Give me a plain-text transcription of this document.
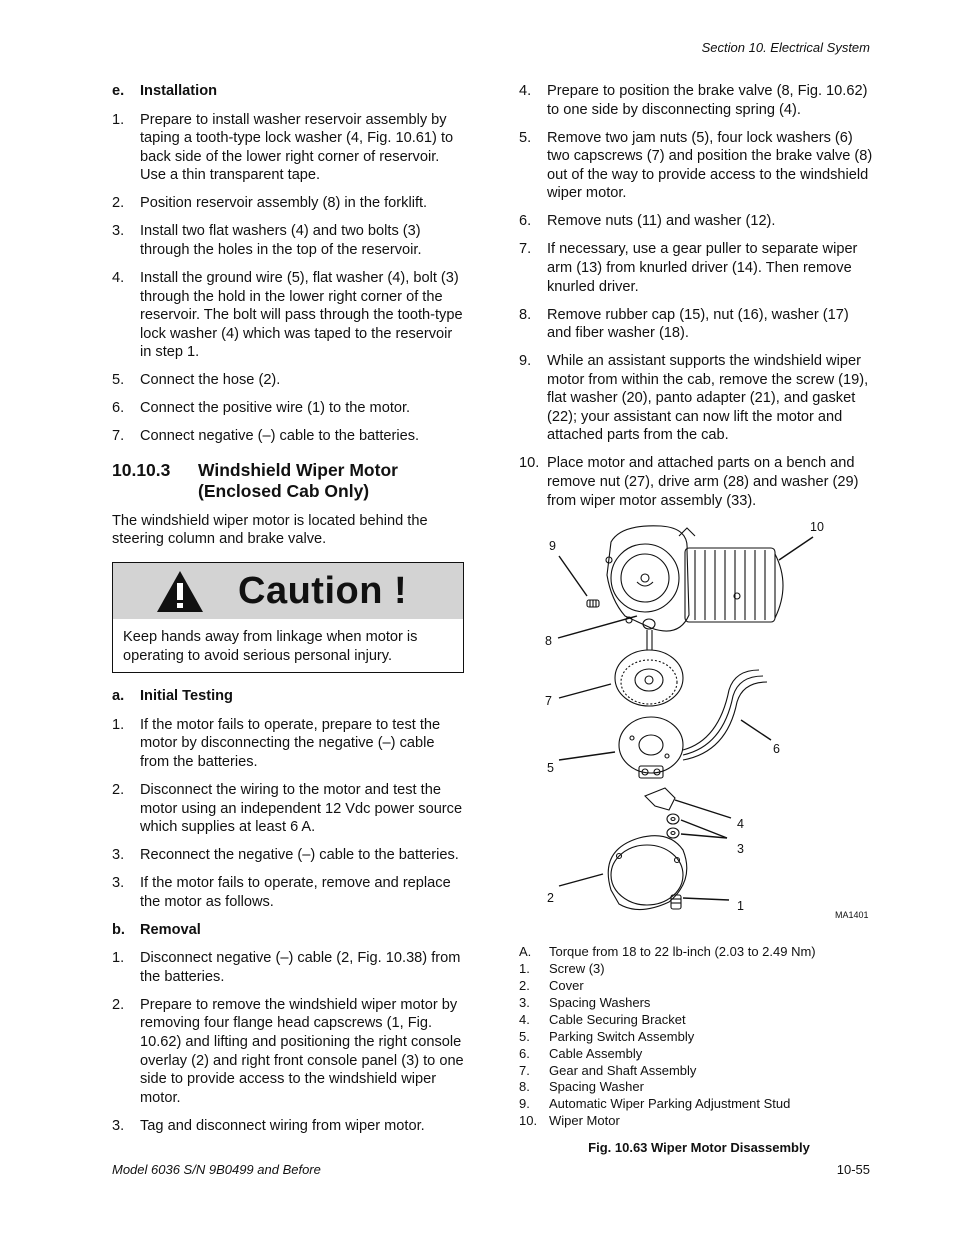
Section 10. Electrical System
e. Installation
1.	Prepare to install washer reservoir assembly by taping a tooth-type lock washer (4, Fig. 10.61) to back side of the lower right corner of reservoir. Use a thin transparent tape.
2.	Position reservoir assembly (8) in the forklift.
3.	Install two flat washers (4) and two bolts (3) through the holes in the top of the reservoir.
4.	Install the ground wire (5), flat washer (4), bolt (3) through the hold in the lower right corner of the reservoir. The bolt will pass through the tooth-type lock washer (4) which was taped to the reservoir in step 1.
5.	Connect the hose (2).
6.	Connect the positive wire (1) to the motor.
7.	Connect negative (–) cable to the batteries.
10.10.3	Windshield Wiper Motor (Enclosed Cab Only)
The windshield wiper motor is located behind the steering column and brake valve.
Caution !
Keep hands away from linkage when motor is operating to avoid serious personal injury.
a. Initial Testing
1.	If the motor fails to operate, prepare to test the motor by disconnecting the negative (–) cable from the batteries.
2.	Disconnect the wiring to the motor and test the motor using an independent 12 Vdc power source which supplies at least 6 A.
3.	Reconnect the negative (–) cable to the batteries.
3.	If the motor fails to operate, remove and replace the motor as follows.
b. Removal
1.	Disconnect negative (–) cable (2, Fig. 10.38) from the batteries.
2.	Prepare to remove the windshield wiper motor by removing four flange head capscrews (1, Fig. 10.62) and lifting and positioning the right console overlay (2) and right front console panel (3) to one side to provide access to the windshield wiper motor.
3.	Tag and disconnect wiring from wiper motor.
4.	Prepare to position the brake valve (8, Fig. 10.62) to one side by disconnecting spring (4).
5.	Remove two jam nuts (5), four lock washers (6) two capscrews (7) and position the brake valve (8) out of the way to provide access to the windshield wiper motor.
6.	Remove nuts (11) and washer (12).
7.	If necessary, use a gear puller to separate wiper arm (13) from knurled driver (14). Then remove knurled driver.
8.	Remove rubber cap (15), nut (16), washer (17) and fiber washer (18).
9.	While an assistant supports the windshield wiper motor from within the cab, remove the screw (19), flat washer (20), panto adapter (21), and gasket (22); your assistant can now lift the motor and attached parts from the cab.
10. Place motor and attached parts on a bench and remove nut (27), drive arm (28) and washer (29) from wiper motor assembly (33).
9
10
8
7
6
5
4
3
2
1
MA1401
A.	Torque from 18 to 22 lb-inch (2.03 to 2.49 Nm)
1.	Screw (3)
2.	Cover
3.	Spacing Washers
4.	Cable Securing Bracket
5.	Parking Switch Assembly
6.	Cable Assembly
7.	Gear and Shaft Assembly
8.	Spacing Washer
9.	Automatic Wiper Parking Adjustment Stud
10. Wiper Motor
Fig. 10.63 Wiper Motor Disassembly
Model 6036 S/N 9B0499 and Before	10-55
